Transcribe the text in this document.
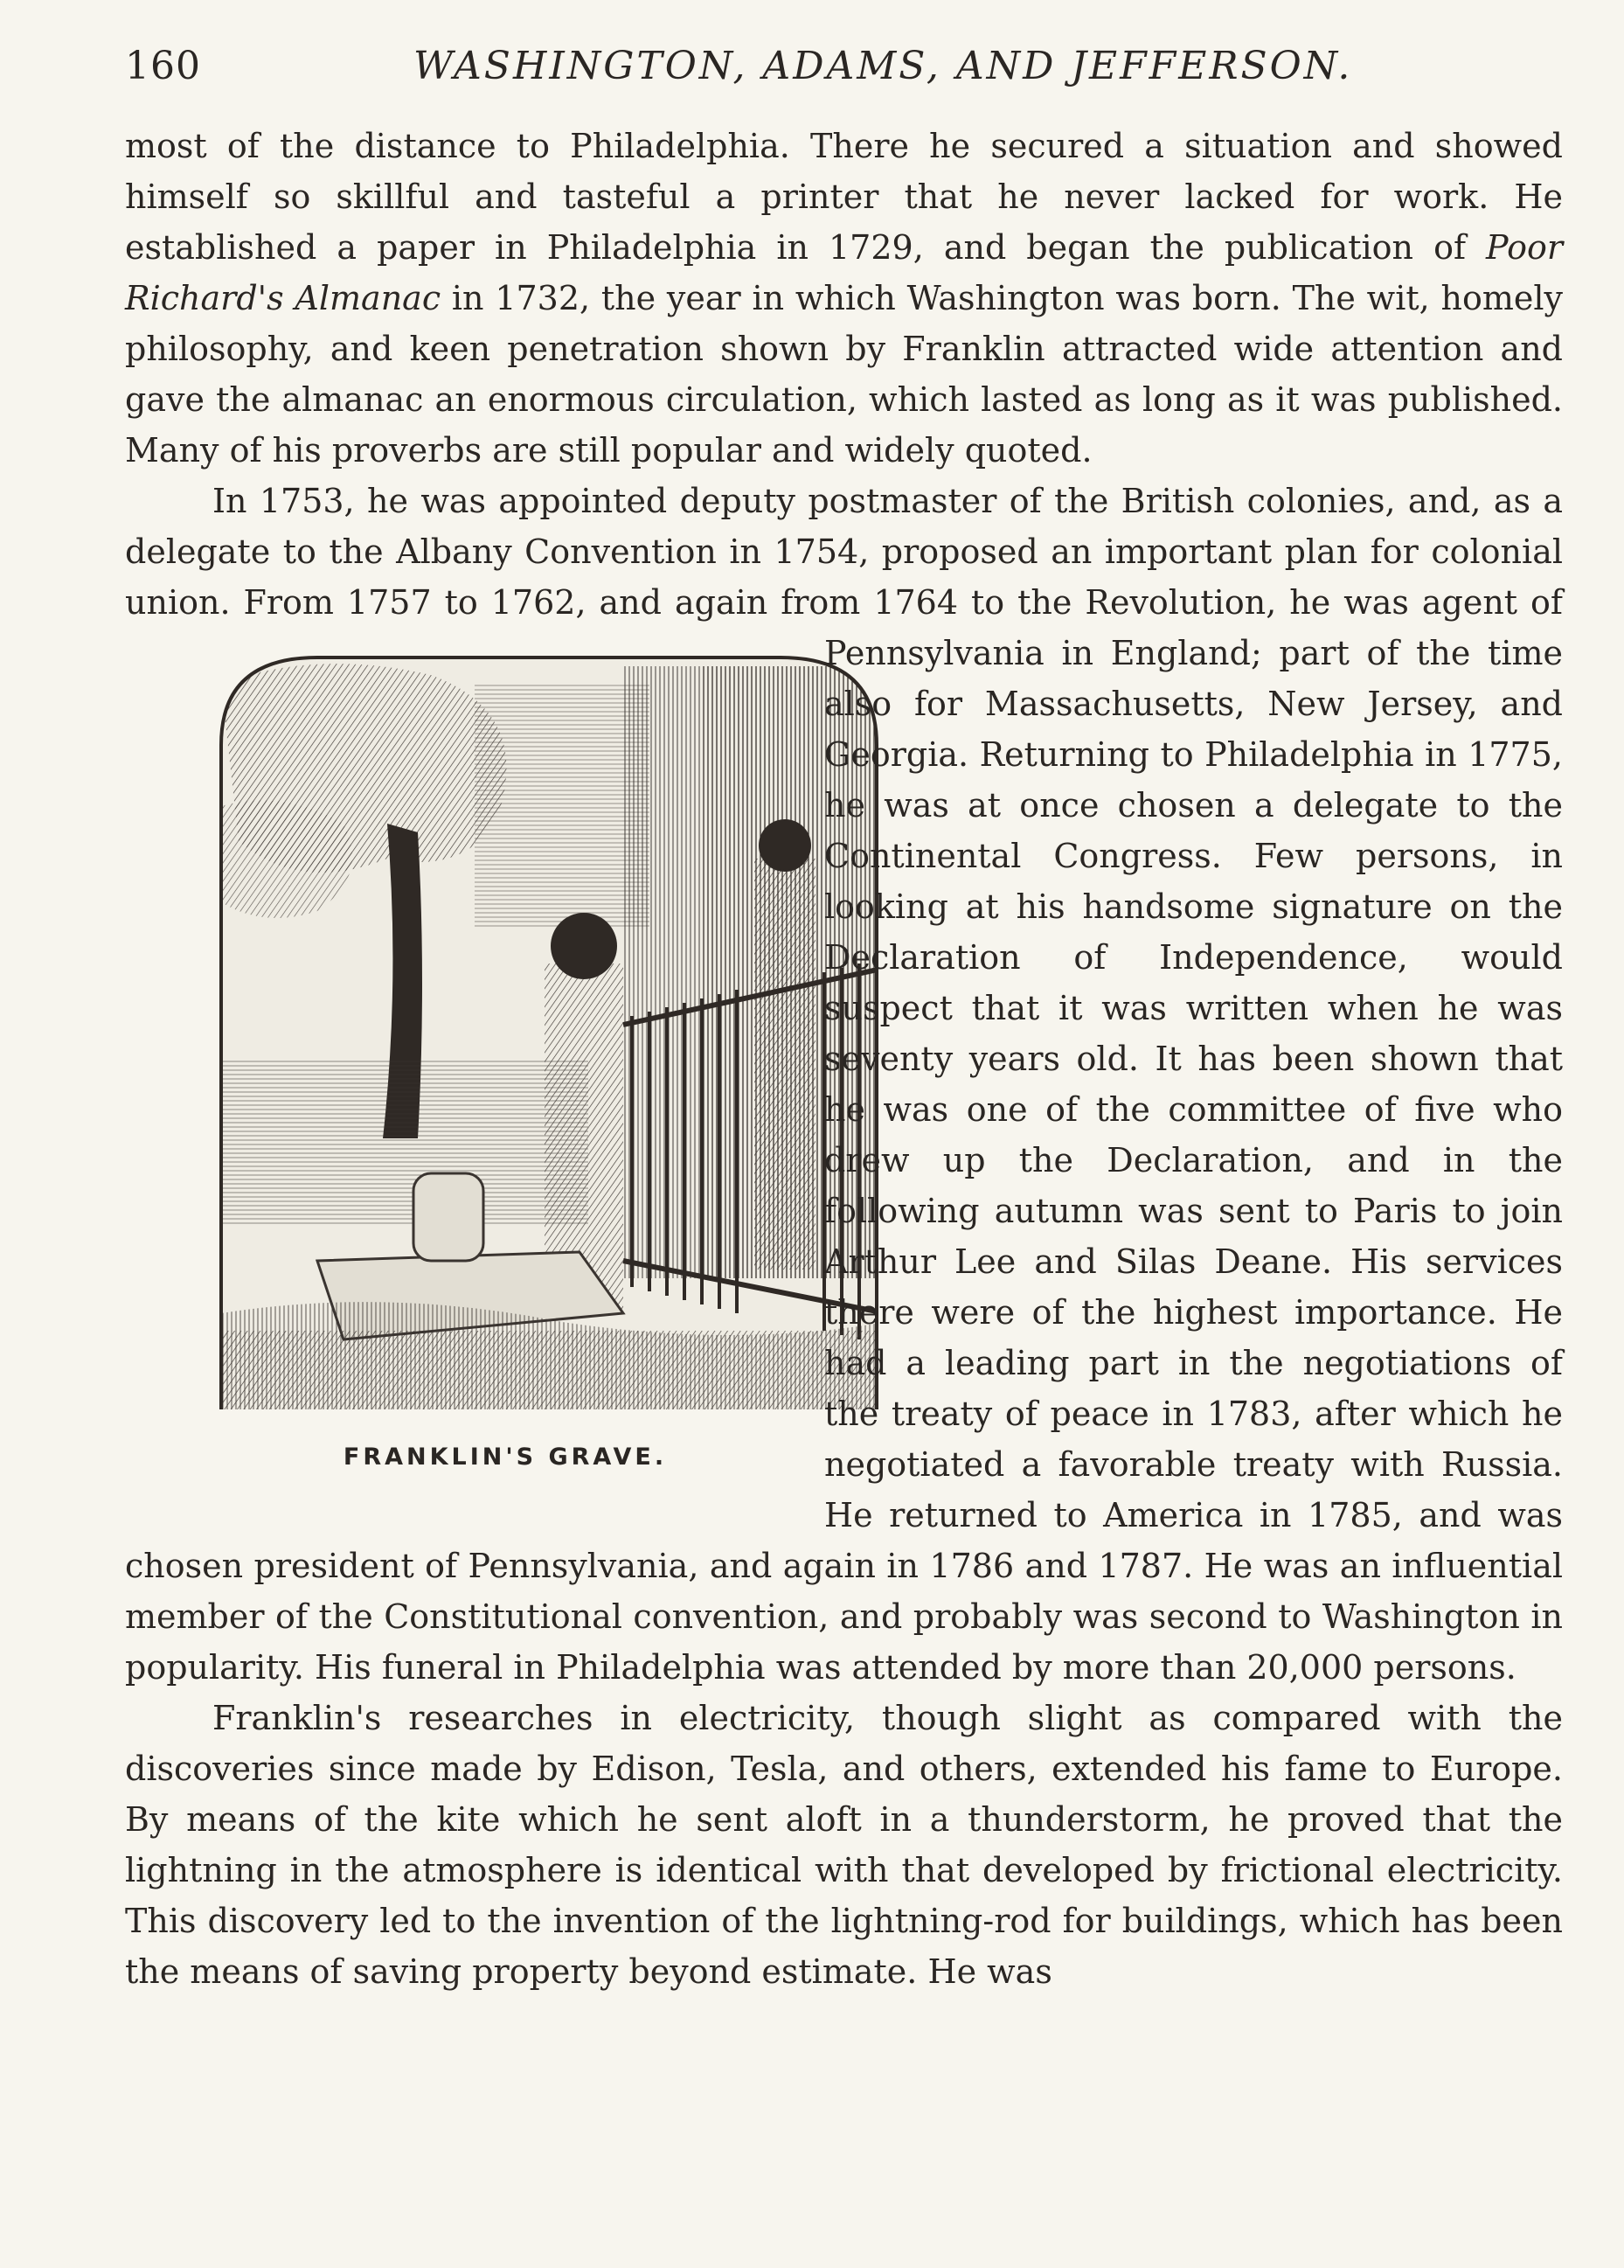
160	WASHINGTON, ADAMS, AND JEFFERSON.

most of the distance to Philadelphia. There he secured a situation and showed himself so skillful and tasteful a printer that he never lacked for work. He established a paper in Philadelphia in 1729, and began the publication of Poor Richard's Almanac in 1732, the year in which Washington was born. The wit, homely philosophy, and keen penetration shown by Franklin attracted wide attention and gave the almanac an enormous circulation, which lasted as long as it was published. Many of his proverbs are still popular and widely quoted.

In 1753, he was appointed deputy postmaster of the British colonies, and, as a delegate to the Albany Convention in 1754, proposed an important plan for colonial union. From 1757 to 1762, and again from 1764 to the Revolution, he
FRANKLIN'S GRAVE.
was agent of Pennsylvania in England; part of the time also for Massachusetts, New Jersey, and Georgia. Returning to Philadelphia in 1775, he was at once chosen a delegate to the Continental Congress. Few persons, in looking at his handsome signature on the Declaration of Independence, would suspect that it was written when he was seventy years old. It has been shown that he was one of the committee of five who drew up the Declaration, and in the following autumn was sent to Paris to join Arthur Lee and Silas Deane. His services there were of the highest importance. He had a leading part in the negotiations of the treaty of peace in 1783, after which he negotiated a favorable treaty with Russia. He returned to America in 1785, and was chosen president of Pennsylvania, and again in 1786 and 1787. He was an influential member of the Constitutional convention, and probably was second to Washington in popularity. His funeral in Philadelphia was attended by more than 20,000 persons.

Franklin's researches in electricity, though slight as compared with the discoveries since made by Edison, Tesla, and others, extended his fame to Europe. By means of the kite which he sent aloft in a thunderstorm, he proved that the lightning in the atmosphere is identical with that developed by frictional electricity. This discovery led to the invention of the lightning-rod for buildings, which has been the means of saving property beyond estimate. He was
